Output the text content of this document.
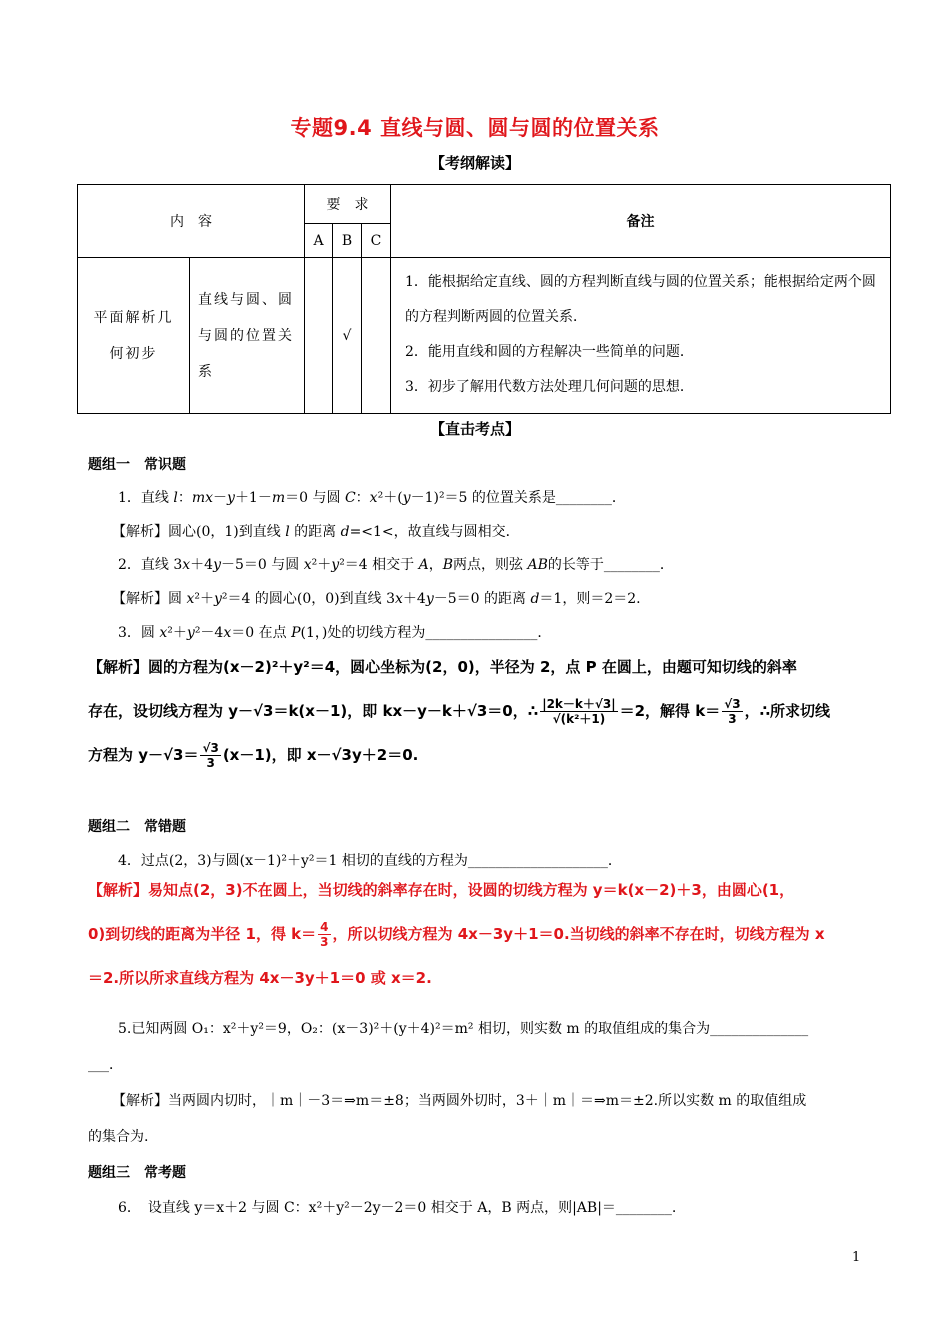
专题9.4 直线与圆、圆与圆的位置关系
【考纲解读】
内　容		要　求			备注
		A	B	C	
平面解析几何初步	直线与圆、圆与圆的位置关系		√		1．能根据给定直线、圆的方程判断直线与圆的位置关系；能根据给定两个圆的方程判断两圆的位置关系．
2．能用直线和圆的方程解决一些简单的问题．
3．初步了解用代数方法处理几何问题的思想．
【直击考点】
题组一　常识题
1．直线 l：mx－y＋1－m＝0 与圆 C：x²＋(y－1)²＝5 的位置关系是________．
【解析】圆心(0，1)到直线 l 的距离 d=<1<，故直线与圆相交．
2．直线 3x＋4y－5＝0 与圆 x²＋y²＝4 相交于 A，B两点，则弦 AB的长等于________．
【解析】圆 x²＋y²＝4 的圆心(0，0)到直线 3x＋4y－5＝0 的距离 d＝1，则＝2＝2.
3．圆 x²＋y²－4x＝0 在点 P(1，)处的切线方程为________________．
【解析】圆的方程为(x－2)²＋y²＝4，圆心坐标为(2，0)，半径为 2，点 P 在圆上，由题可知切线的斜率
存在，设切线方程为 y－√3＝k(x－1)，即 kx－y－k＋√3＝0，∴ $\frac{|2k-k+√3|}{\text{√(k²＋1)}} =2$，解得 $k= \frac{√3}{3}$ ，∴所求切线
方程为 $y-√3= \frac{√3}{3} (x-1)$，即 x－√3y＋2＝0.
题组二　常错题
4．过点(2，3)与圆(x－1)²＋y²＝1 相切的直线的方程为____________________．
【解析】易知点(2，3)不在圆上，当切线的斜率存在时，设圆的切线方程为 y＝k(x－2)＋3，由圆心(1，
0)到切线的距离为半径 1，得 $k= \frac{4}{3}$ ，所以切线方程为 4x－3y＋1＝0.当切线的斜率不存在时，切线方程为 x
＝2.所以所求直线方程为 4x－3y＋1＝0 或 x＝2.
5.已知两圆 O₁：x²＋y²＝9，O₂：(x－3)²＋(y＋4)²＝m² 相切，则实数 m 的取值组成的集合为______________
___．
【解析】当两圆内切时，｜m｜－3＝⇒m＝±8；当两圆外切时，3＋｜m｜＝⇒m＝±2.所以实数 m 的取值组成
的集合为.
题组三　常考题
6．　设直线 y＝x＋2 与圆 C：x²＋y²－2y－2＝0 相交于 A，B 两点，则|AB|＝________.
1
